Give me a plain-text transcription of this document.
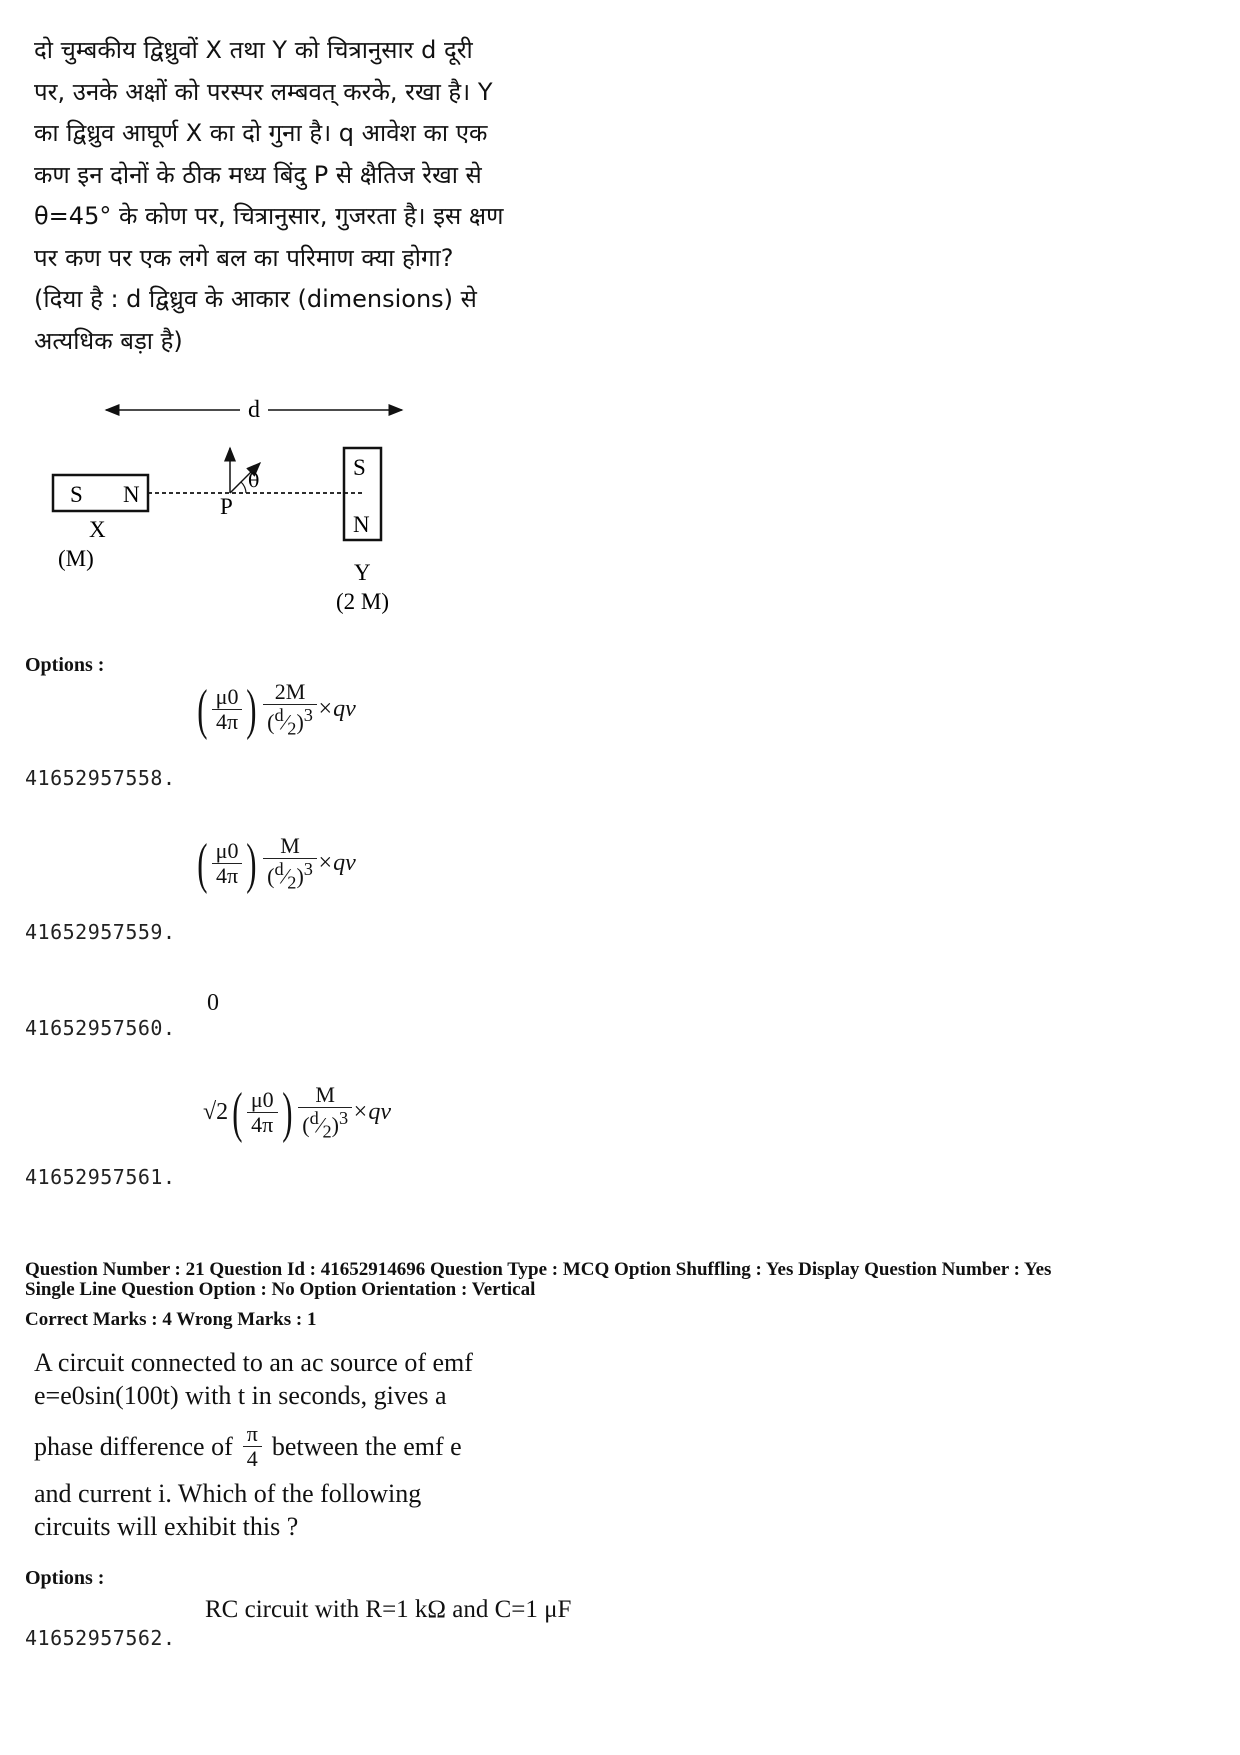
दो चुम्बकीय द्विध्रुवों X तथा Y को चित्रानुसार d दूरी

पर, उनके अक्षों को परस्पर लम्बवत् करके, रखा है। Y

का द्विध्रुव आघूर्ण X का दो गुना है। q आवेश का एक

कण इन दोनों के ठीक मध्य बिंदु P से क्षैतिज रेखा से

θ=45° के कोण पर, चित्रानुसार, गुजरता है। इस क्षण

पर कण पर एक लगे बल का परिमाण क्या होगा?

(दिया है : d द्विध्रुव के आकार (dimensions) से

अत्यधिक बड़ा है)

d
S N
X
(M)
θ
P
S
N
Y
(2 M)
Options :
( $\frac{\mu 0}{4\pi}$ ) $\frac{2M}{(^d⁄_2)^3} \times qv$
41652957558.
( $\frac{\mu 0}{4\pi}$ ) $\frac{M}{(^d⁄_2)^3} \times qv$
41652957559.
0
41652957560.
√2 ( $\frac{\mu 0}{4\pi}$ ) $\frac{M}{(^d⁄_2)^3} \times qv$
41652957561.
Question Number : 21 Question Id : 41652914696 Question Type : MCQ Option Shuffling : Yes Display Question Number : Yes
Single Line Question Option : No Option Orientation : Vertical
Correct Marks : 4 Wrong Marks : 1

A circuit connected to an ac source of emf

e=e0sin(100t) with t in seconds, gives a

phase difference of $\frac{\pi}{4}$ between the emf e

and current i. Which of the following

circuits will exhibit this ?

Options :
RC circuit with R=1 kΩ and C=1 μF
41652957562.
